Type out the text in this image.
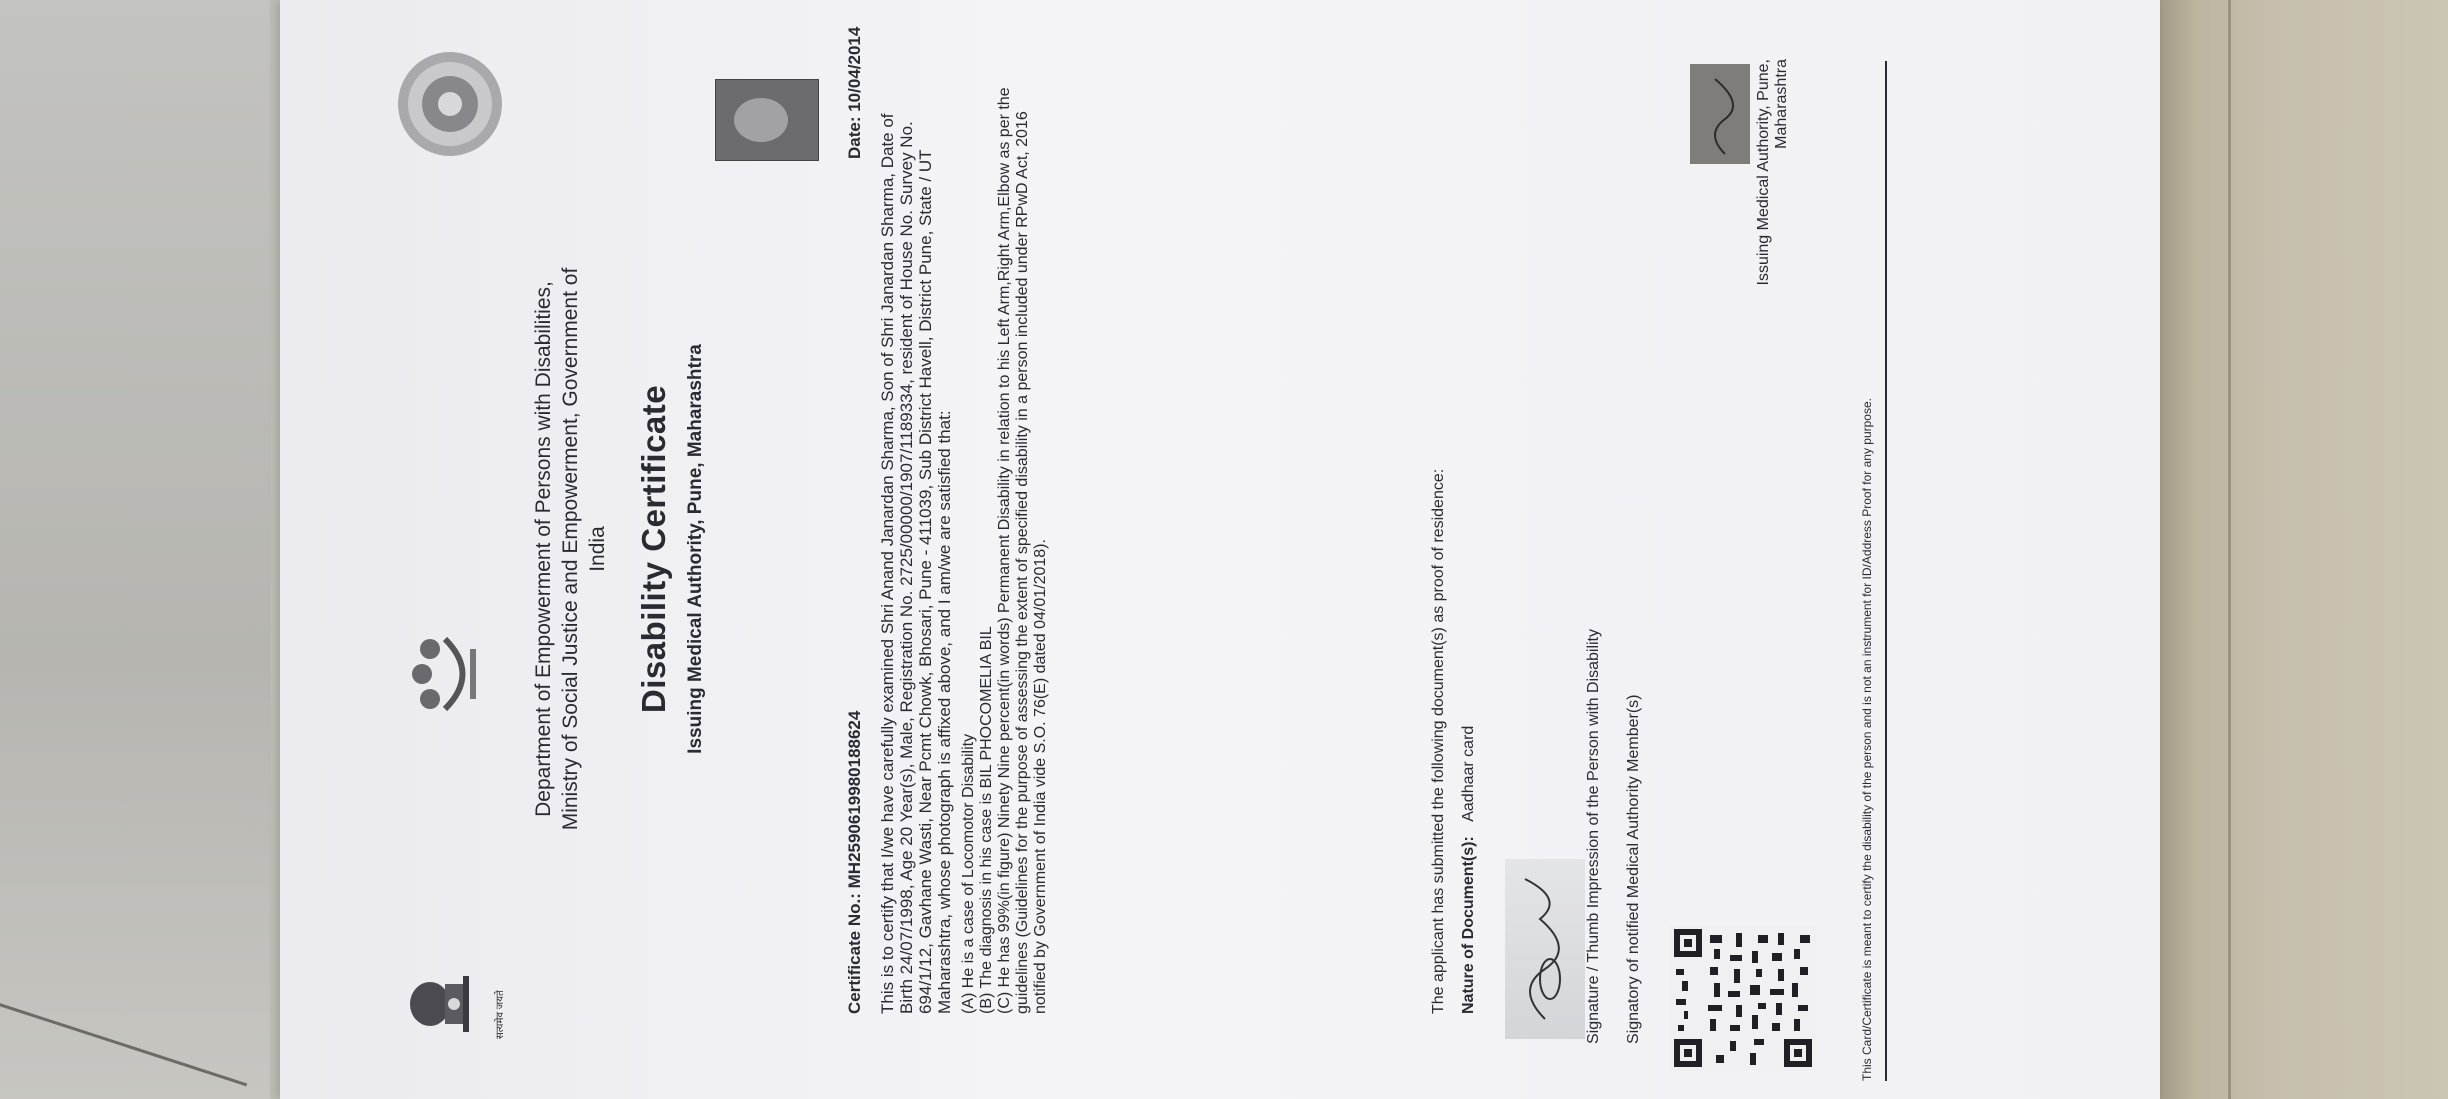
सत्यमेव जयते
Department of Empowerment of Persons with Disabilities, Ministry of Social Justice and Empowerment, Government of India Disability Certificate Issuing Medical Authority, Pune, Maharashtra
Certificate No.: MH2590619980188624
Date: 10/04/2014
This is to certify that I/we have carefully examined Shri Anand Janardan Sharma, Son of Shri Janardan Sharma, Date of Birth 24/07/1998, Age 20 Year(s), Male, Registration No. 2725/00000/1907/1189334, resident of House No. Survey No. 694/1/12, Gavhane Wasti, Near Pcmt Chowk, Bhosari, Pune - 411039, Sub District Havell, District Pune, State / UT Maharashtra, whose photograph is affixed above, and I am/we are satisfied that: (A) He is a case of Locomotor Disability (B) The diagnosis in his case is BIL PHOCOMELIA BIL (C) He has 99%(in figure) Ninety Nine percent(in words) Permanent Disability in relation to his Left Arm,Right Arm,Elbow as per the guidelines (Guidelines for the purpose of assessing the extent of specified disability in a person included under RPwD Act, 2016 notified by Government of India vide S.O. 76(E) dated 04/01/2018).	The applicant has submitted the following document(s) as proof of residence: Nature of Document(s): Aadhaar card	Signature / Thumb Impression of the Person with Disability Signatory of notified Medical Authority Member(s)
Issuing Medical Authority, Pune, Maharashtra
This Card/Certificate is meant to certify the disability of the person and is not an instrument for ID/Address Proof for any purpose.
